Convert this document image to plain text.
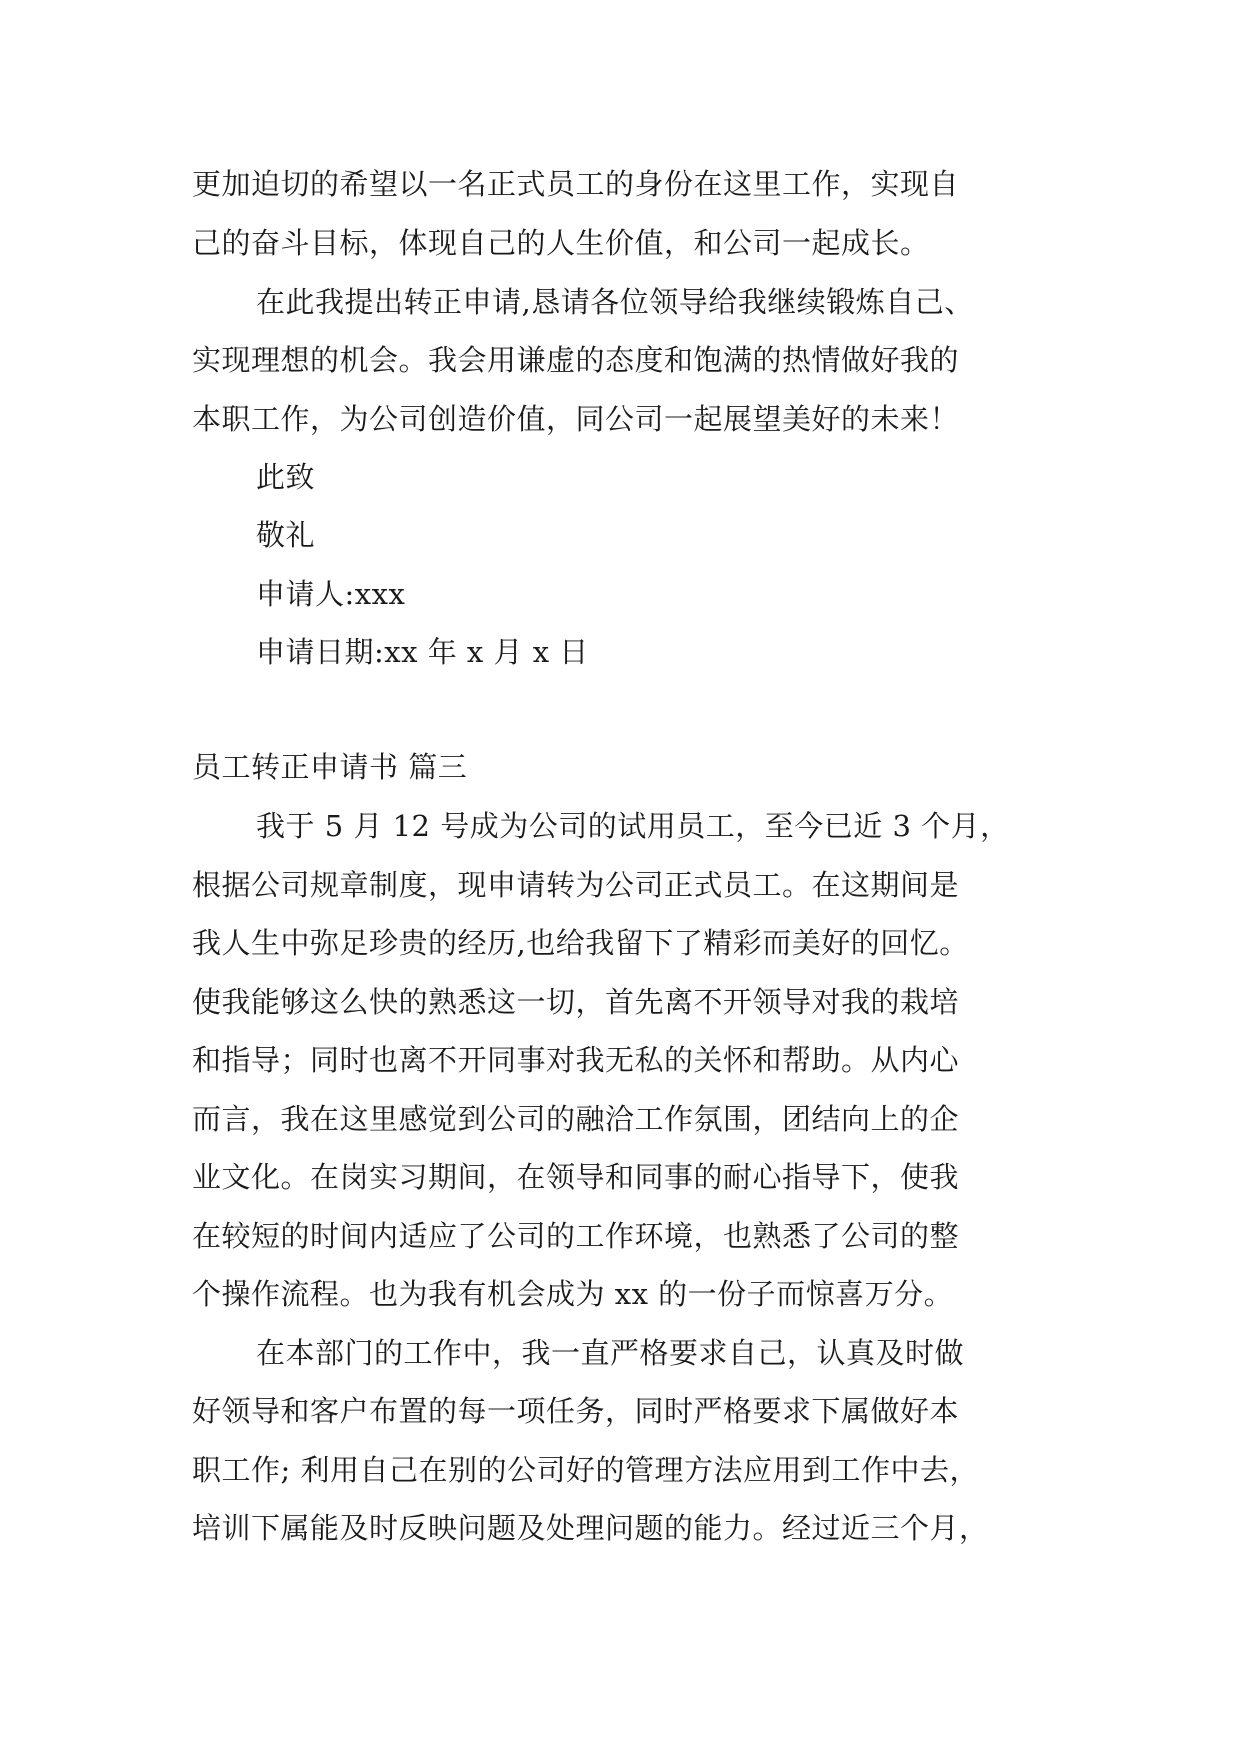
更加迫切的希望以一名正式员工的身份在这里工作，实现自
己的奋斗目标，体现自己的人生价值，和公司一起成长。
在此我提出转正申请,恳请各位领导给我继续锻炼自己、
实现理想的机会。我会用谦虚的态度和饱满的热情做好我的
本职工作，为公司创造价值，同公司一起展望美好的未来！
此致
敬礼
申请人:xxx
申请日期:xx 年 x 月 x 日
员工转正申请书 篇三
我于 5 月 12 号成为公司的试用员工，至今已近 3 个月，
根据公司规章制度，现申请转为公司正式员工。在这期间是
我人生中弥足珍贵的经历,也给我留下了精彩而美好的回忆。
使我能够这么快的熟悉这一切，首先离不开领导对我的栽培
和指导；同时也离不开同事对我无私的关怀和帮助。从内心
而言，我在这里感觉到公司的融洽工作氛围，团结向上的企
业文化。在岗实习期间，在领导和同事的耐心指导下，使我
在较短的时间内适应了公司的工作环境，也熟悉了公司的整
个操作流程。也为我有机会成为 xx 的一份子而惊喜万分。
在本部门的工作中，我一直严格要求自己，认真及时做
好领导和客户布置的每一项任务，同时严格要求下属做好本
职工作; 利用自己在别的公司好的管理方法应用到工作中去，
培训下属能及时反映问题及处理问题的能力。经过近三个月，
